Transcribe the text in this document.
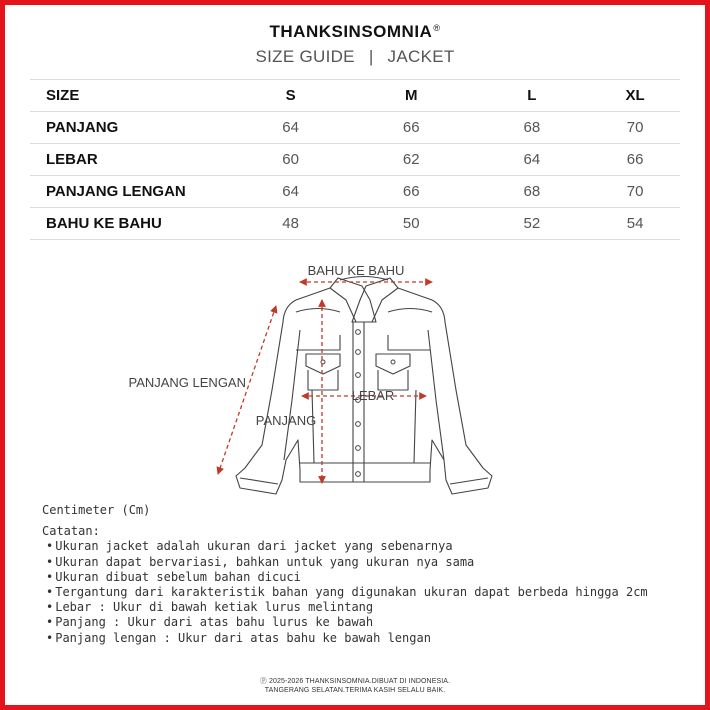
THANKSINSOMNIA®
SIZE GUIDE | JACKET
SIZE	S	M	L	XL
PANJANG	64	66	68	70
LEBAR	60	62	64	66
PANJANG LENGAN	64	66	68	70
BAHU KE BAHU	48	50	52	54
BAHU KE BAHU
PANJANG LENGAN
LEBAR
PANJANG
Centimeter (Cm)
Catatan:
• Ukuran jacket adalah ukuran dari jacket yang sebenarnya
• Ukuran dapat bervariasi, bahkan untuk yang ukuran nya sama
• Ukuran dibuat sebelum bahan dicuci
• Tergantung dari karakteristik bahan yang digunakan ukuran dapat berbeda hingga 2cm
• Lebar : Ukur di bawah ketiak lurus melintang
• Panjang : Ukur dari atas bahu lurus ke bawah
• Panjang lengan : Ukur dari atas bahu ke bawah lengan
Ⓟ 2025-2026 THANKSINSOMNIA.DIBUAT DI INDONESIA.
TANGERANG SELATAN.TERIMA KASIH SELALU BAIK.
